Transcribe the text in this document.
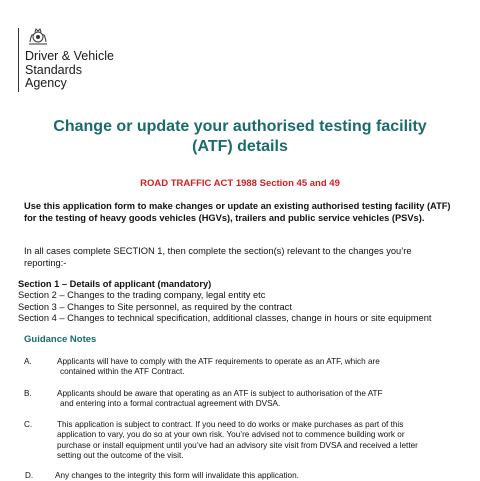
Driver & Vehicle
Standards
Agency
Change or update your authorised testing facility
(ATF) details
ROAD TRAFFIC ACT 1988 Section 45 and 49
Use this application form to make changes or update an existing authorised testing facility (ATF) for the testing of heavy goods vehicles (HGVs), trailers and public service vehicles (PSVs).
In all cases complete SECTION 1, then complete the section(s) relevant to the changes you’re
reporting:-
Section 1 – Details of applicant (mandatory)
Section 2 – Changes to the trading company, legal entity etc
Section 3 – Changes to Site personnel, as required by the contract
Section 4 – Changes to technical specification, additional classes, change in hours or site equipment
Guidance Notes
A.	Applicants will have to comply with the ATF requirements to operate as an ATF, which are
contained within the ATF Contract.
B.	Applicants should be aware that operating as an ATF is subject to authorisation of the ATF
and entering into a formal contractual agreement with DVSA.
C.	This application is subject to contract. If you need to do works or make purchases as part of this
application to vary, you do so at your own risk. You’re advised not to commence building work or
purchase or install equipment until you’ve had an advisory site visit from DVSA and received a letter
setting out the outcome of the visit.
D.	Any changes to the integrity this form will invalidate this application.
